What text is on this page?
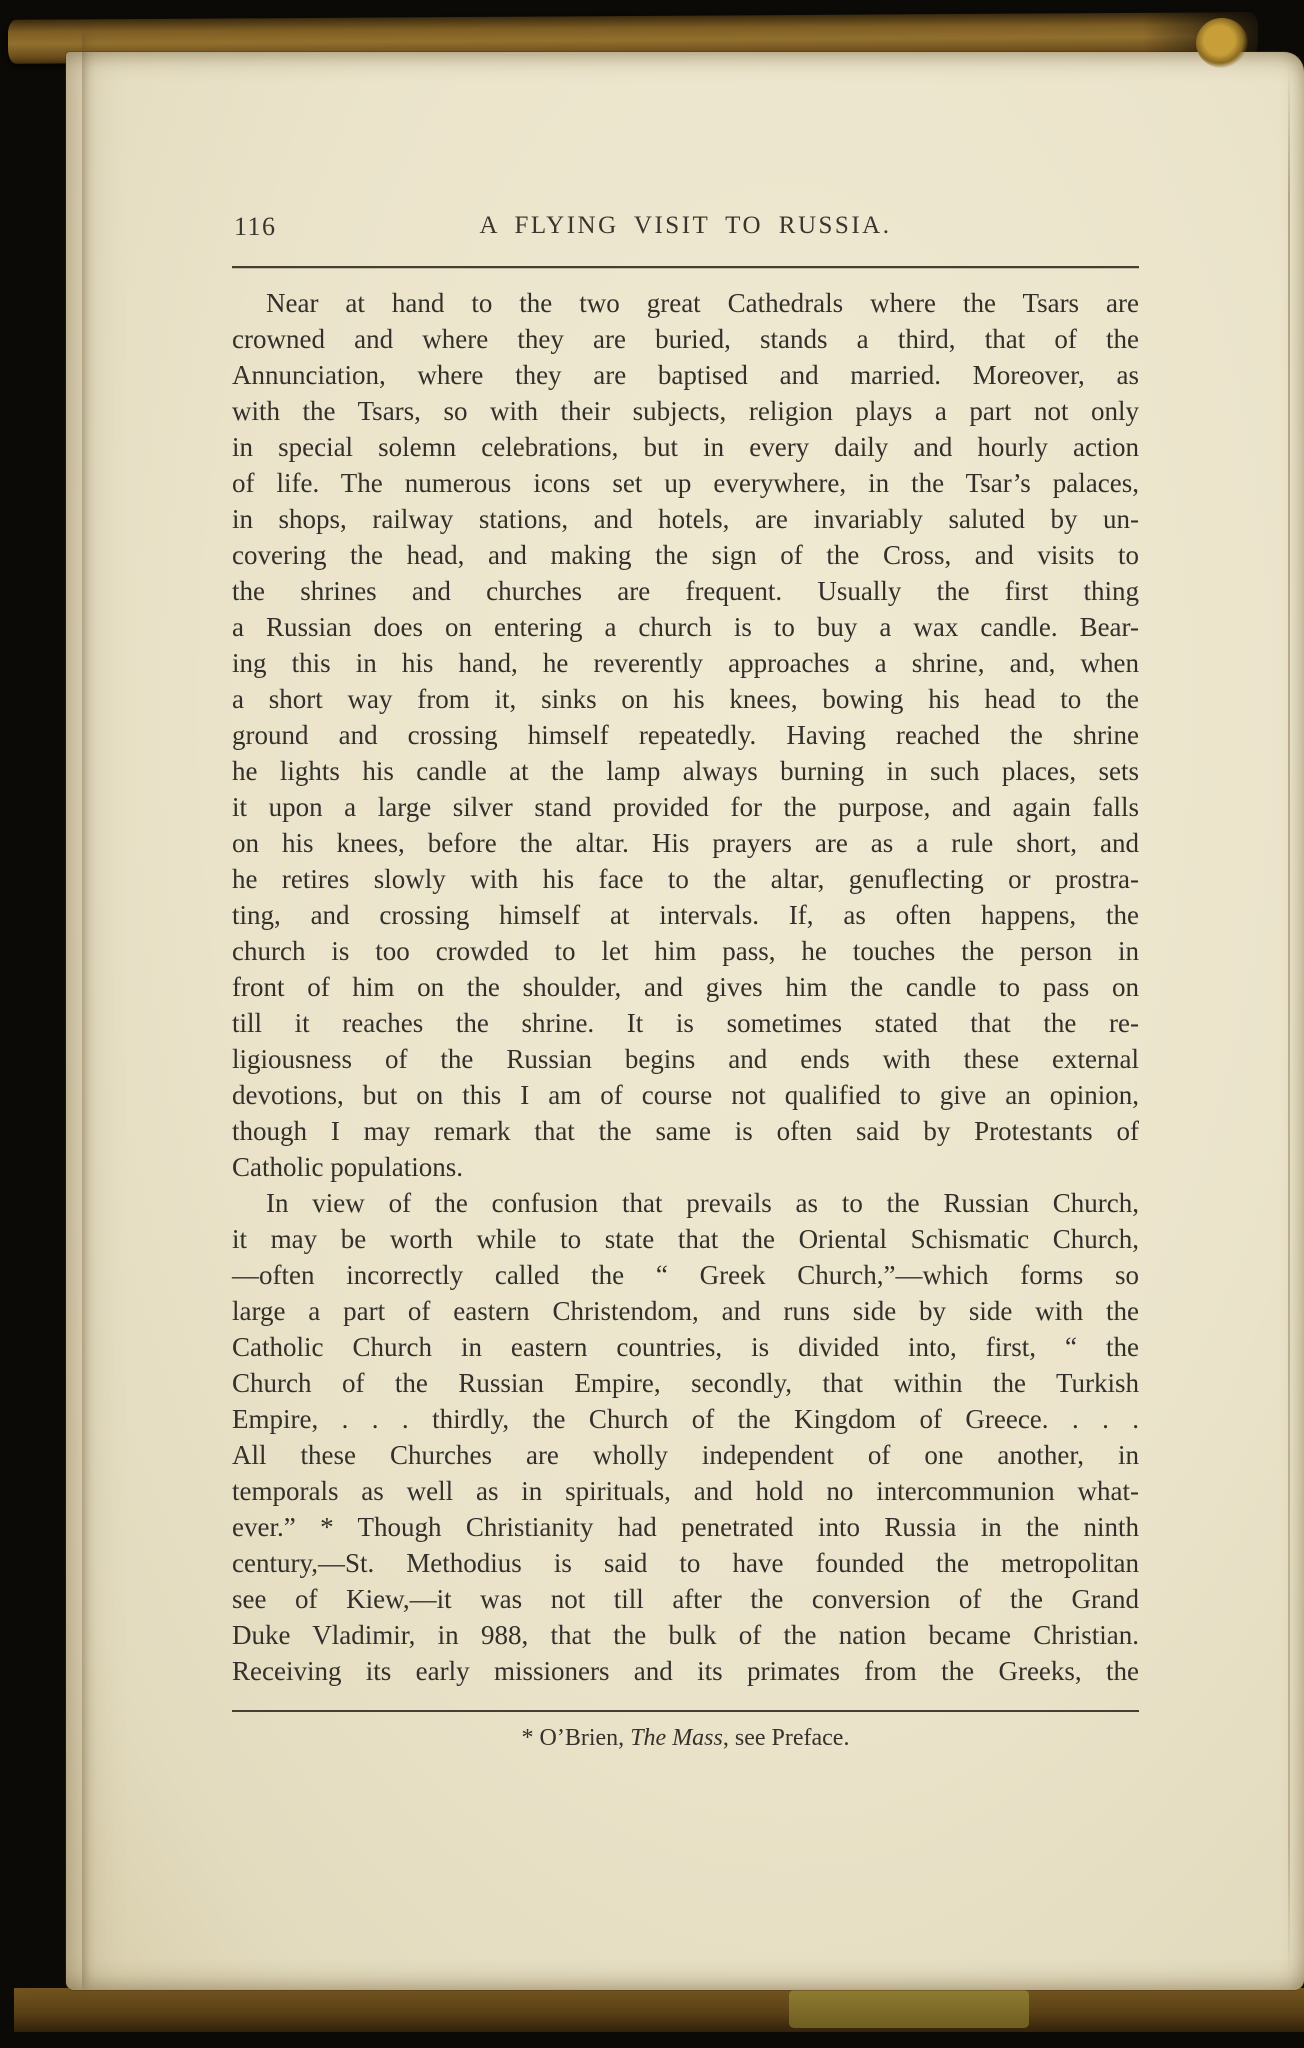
116	A FLYING VISIT TO RUSSIA.
Near at hand to the two great Cathedrals where the Tsars are
crowned and where they are buried, stands a third, that of the
Annunciation, where they are baptised and married. Moreover, as
with the Tsars, so with their subjects, religion plays a part not only
in special solemn celebrations, but in every daily and hourly action
of life. The numerous icons set up everywhere, in the Tsar’s palaces,
in shops, railway stations, and hotels, are invariably saluted by un-
covering the head, and making the sign of the Cross, and visits to
the shrines and churches are frequent. Usually the first thing
a Russian does on entering a church is to buy a wax candle. Bear-
ing this in his hand, he reverently approaches a shrine, and, when
a short way from it, sinks on his knees, bowing his head to the
ground and crossing himself repeatedly. Having reached the shrine
he lights his candle at the lamp always burning in such places, sets
it upon a large silver stand provided for the purpose, and again falls
on his knees, before the altar. His prayers are as a rule short, and
he retires slowly with his face to the altar, genuflecting or prostra-
ting, and crossing himself at intervals. If, as often happens, the
church is too crowded to let him pass, he touches the person in
front of him on the shoulder, and gives him the candle to pass on
till it reaches the shrine. It is sometimes stated that the re-
ligiousness of the Russian begins and ends with these external
devotions, but on this I am of course not qualified to give an opinion,
though I may remark that the same is often said by Protestants of
Catholic populations.
In view of the confusion that prevails as to the Russian Church,
it may be worth while to state that the Oriental Schismatic Church,
—often incorrectly called the “ Greek Church,”—which forms so
large a part of eastern Christendom, and runs side by side with the
Catholic Church in eastern countries, is divided into, first, “ the
Church of the Russian Empire, secondly, that within the Turkish
Empire, . . . thirdly, the Church of the Kingdom of Greece. . . .
All these Churches are wholly independent of one another, in
temporals as well as in spirituals, and hold no intercommunion what-
ever.” * Though Christianity had penetrated into Russia in the ninth
century,—St. Methodius is said to have founded the metropolitan
see of Kiew,—it was not till after the conversion of the Grand
Duke Vladimir, in 988, that the bulk of the nation became Christian.
Receiving its early missioners and its primates from the Greeks, the
* O’Brien, The Mass, see Preface.
